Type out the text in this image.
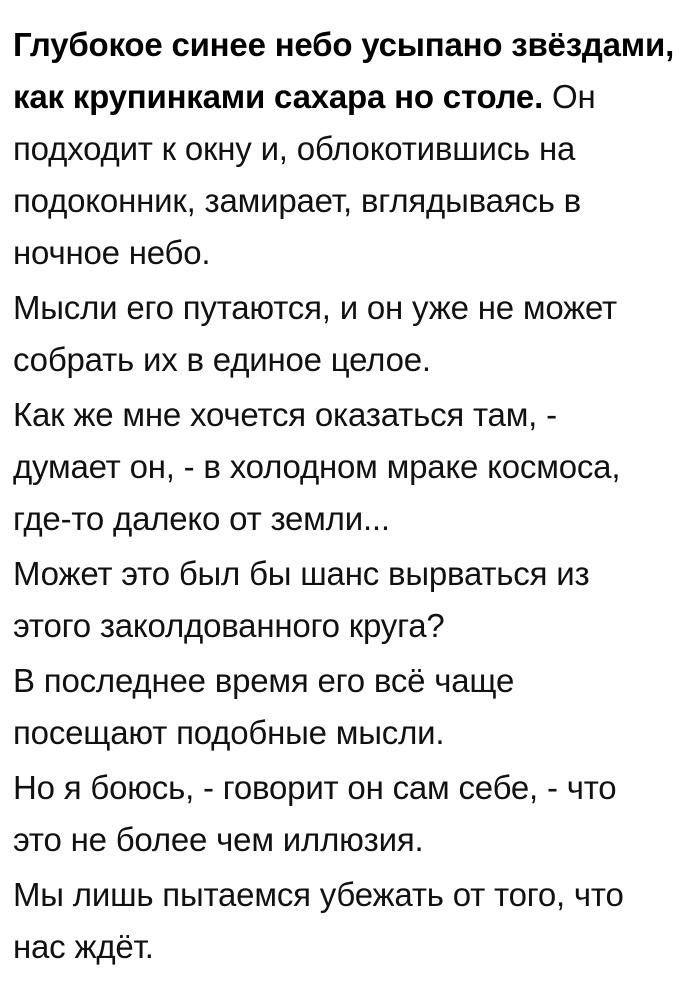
Глубокое синее небо усыпано звёздами,
как крупинками сахара но столе. Он
подходит к окну и, облокотившись на
подоконник, замирает, вглядываясь в
ночное небо.

Мысли его путаются, и он уже не может
собрать их в единое целое.

Как же мне хочется оказаться там, -
думает он, - в холодном мраке космоса,
где-то далеко от земли...

Может это был бы шанс вырваться из
этого заколдованного круга?

В последнее время его всё чаще
посещают подобные мысли.

Но я боюсь, - говорит он сам себе, - что
это не более чем иллюзия.

Мы лишь пытаемся убежать от того, что
нас ждёт.
